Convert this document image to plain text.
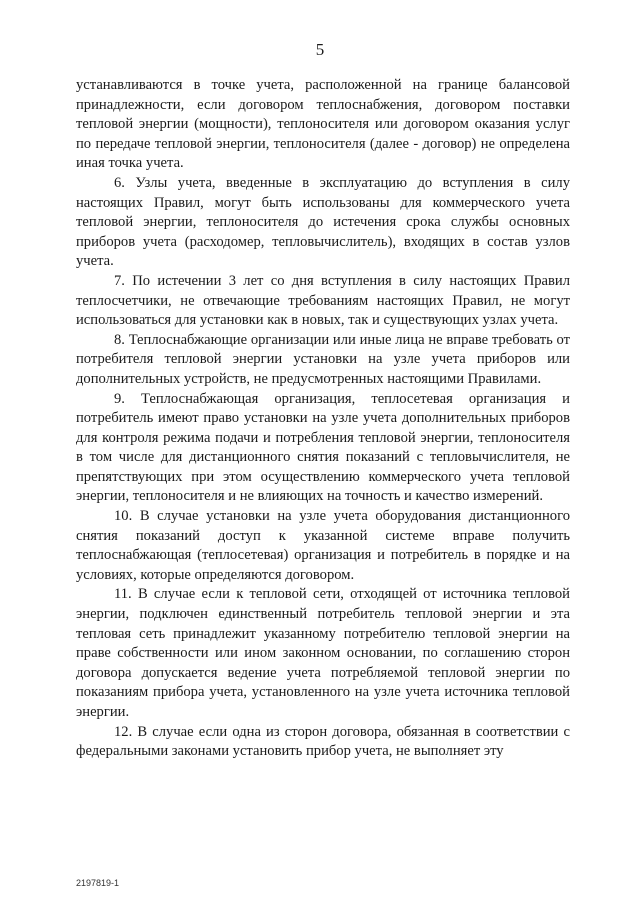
5

устанавливаются в точке учета, расположенной на границе балансовой принадлежности, если договором теплоснабжения, договором поставки тепловой энергии (мощности), теплоносителя или договором оказания услуг по передаче тепловой энергии, теплоносителя (далее - договор) не определена иная точка учета.

6. Узлы учета, введенные в эксплуатацию до вступления в силу настоящих Правил, могут быть использованы для коммерческого учета тепловой энергии, теплоносителя до истечения срока службы основных приборов учета (расходомер, тепловычислитель), входящих в состав узлов учета.

7. По истечении 3 лет со дня вступления в силу настоящих Правил теплосчетчики, не отвечающие требованиям настоящих Правил, не могут использоваться для установки как в новых, так и существующих узлах учета.

8. Теплоснабжающие организации или иные лица не вправе требовать от потребителя тепловой энергии установки на узле учета приборов или дополнительных устройств, не предусмотренных настоящими Правилами.

9. Теплоснабжающая организация, теплосетевая организация и потребитель имеют право установки на узле учета дополнительных приборов для контроля режима подачи и потребления тепловой энергии, теплоносителя в том числе для дистанционного снятия показаний с тепловычислителя, не препятствующих при этом осуществлению коммерческого учета тепловой энергии, теплоносителя и не влияющих на точность и качество измерений.

10. В случае установки на узле учета оборудования дистанционного снятия показаний доступ к указанной системе вправе получить теплоснабжающая (теплосетевая) организация и потребитель в порядке и на условиях, которые определяются договором.

11. В случае если к тепловой сети, отходящей от источника тепловой энергии, подключен единственный потребитель тепловой энергии и эта тепловая сеть принадлежит указанному потребителю тепловой энергии на праве собственности или ином законном основании, по соглашению сторон договора допускается ведение учета потребляемой тепловой энергии по показаниям прибора учета, установленного на узле учета источника тепловой энергии.

12. В случае если одна из сторон договора, обязанная в соответствии с федеральными законами установить прибор учета, не выполняет эту

2197819-1
